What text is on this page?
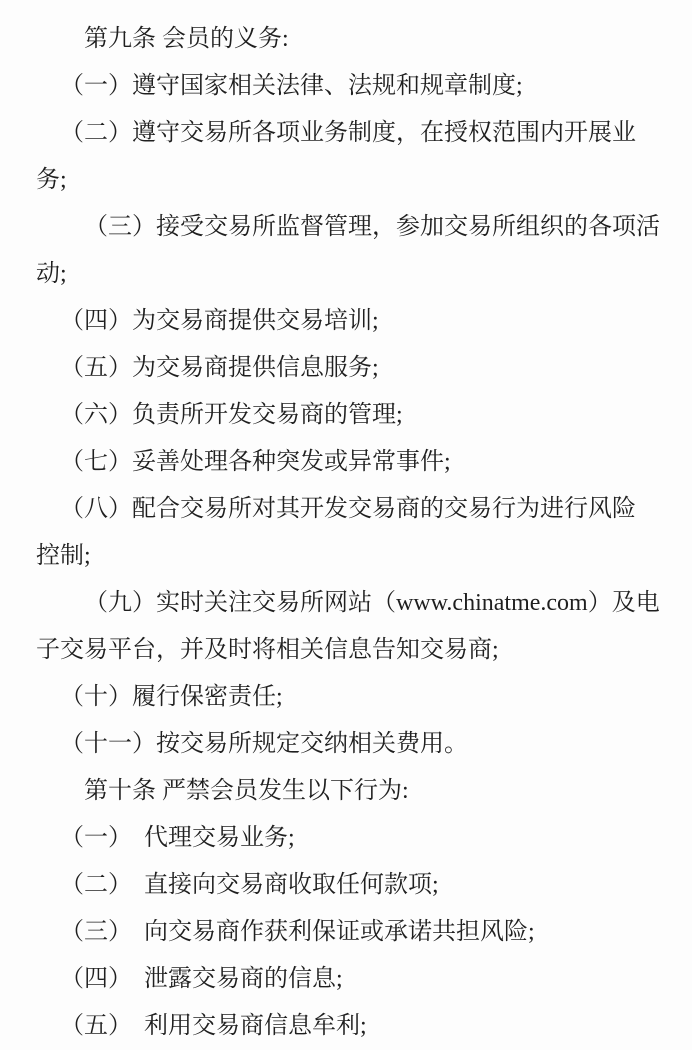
第九条 会员的义务:
（一）遵守国家相关法律、法规和规章制度;
（二）遵守交易所各项业务制度，在授权范围内开展业
务;
（三）接受交易所监督管理，参加交易所组织的各项活
动;
（四）为交易商提供交易培训;
（五）为交易商提供信息服务;
（六）负责所开发交易商的管理;
（七）妥善处理各种突发或异常事件;
（八）配合交易所对其开发交易商的交易行为进行风险
控制;
（九）实时关注交易所网站（www.chinatme.com）及电
子交易平台，并及时将相关信息告知交易商;
（十）履行保密责任;
（十一）按交易所规定交纳相关费用。
第十条 严禁会员发生以下行为:
（一）　代理交易业务;
（二）　直接向交易商收取任何款项;
（三）　向交易商作获利保证或承诺共担风险;
（四）　泄露交易商的信息;
（五）　利用交易商信息牟利;
